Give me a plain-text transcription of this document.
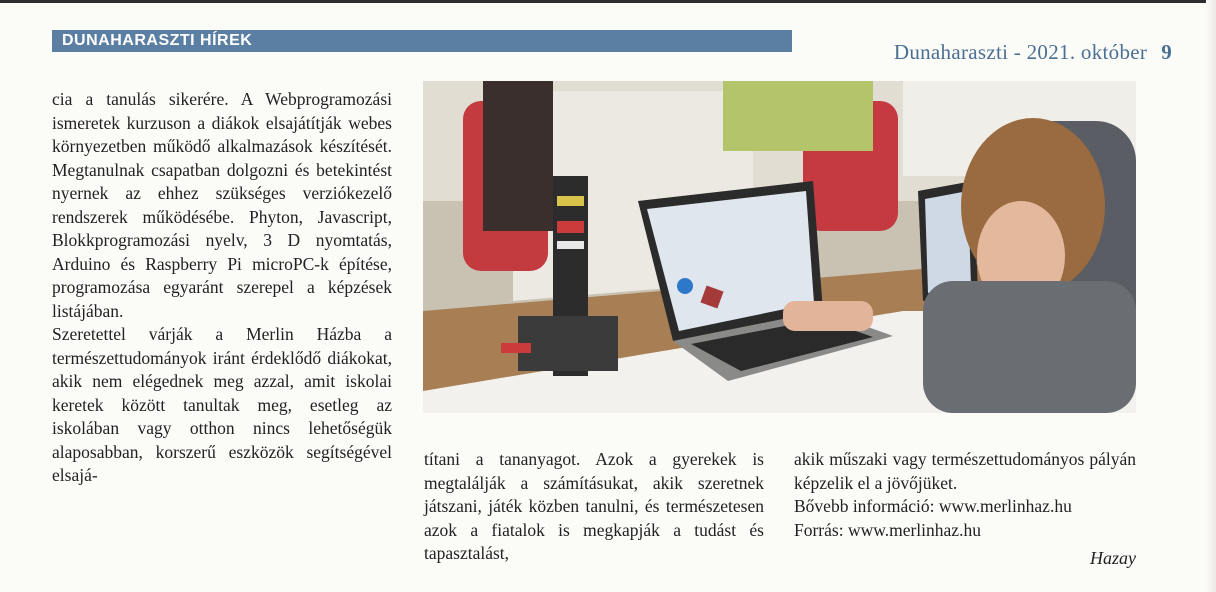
DUNAHARASZTI HÍREK	Dunaharaszti - 2021. október 9

cia a tanulás sikerére. A Webprogramozási ismeretek kurzuson a diákok elsajátítják webes környezetben működő alkalmazások készítését. Megtanulnak csapatban dolgozni és betekintést nyernek az ehhez szükséges verziókezelő rendszerek működésébe. Phyton, Javascript, Blokkprogramozási nyelv, 3 D nyomtatás, Arduino és Raspberry Pi microPC-k építése, programozása egyaránt szerepel a képzések listájában.

Szeretettel várják a Merlin Házba a természettudományok iránt érdeklődő diákokat, akik nem elégednek meg azzal, amit iskolai keretek között tanultak meg, esetleg az iskolában vagy otthon nincs lehetőségük alaposabban, korszerű eszközök segítségével elsajá-

títani a tananyagot. Azok a gyerekek is megtalálják a számításukat, akik szeretnek játszani, játék közben tanulni, és természetesen azok a fiatalok is megkapják a tudást és tapasztalást,

akik műszaki vagy természettudományos pályán képzelik el a jövőjüket.

Bővebb információ: www.merlinhaz.hu

Forrás: www.merlinhaz.hu

Hazay
